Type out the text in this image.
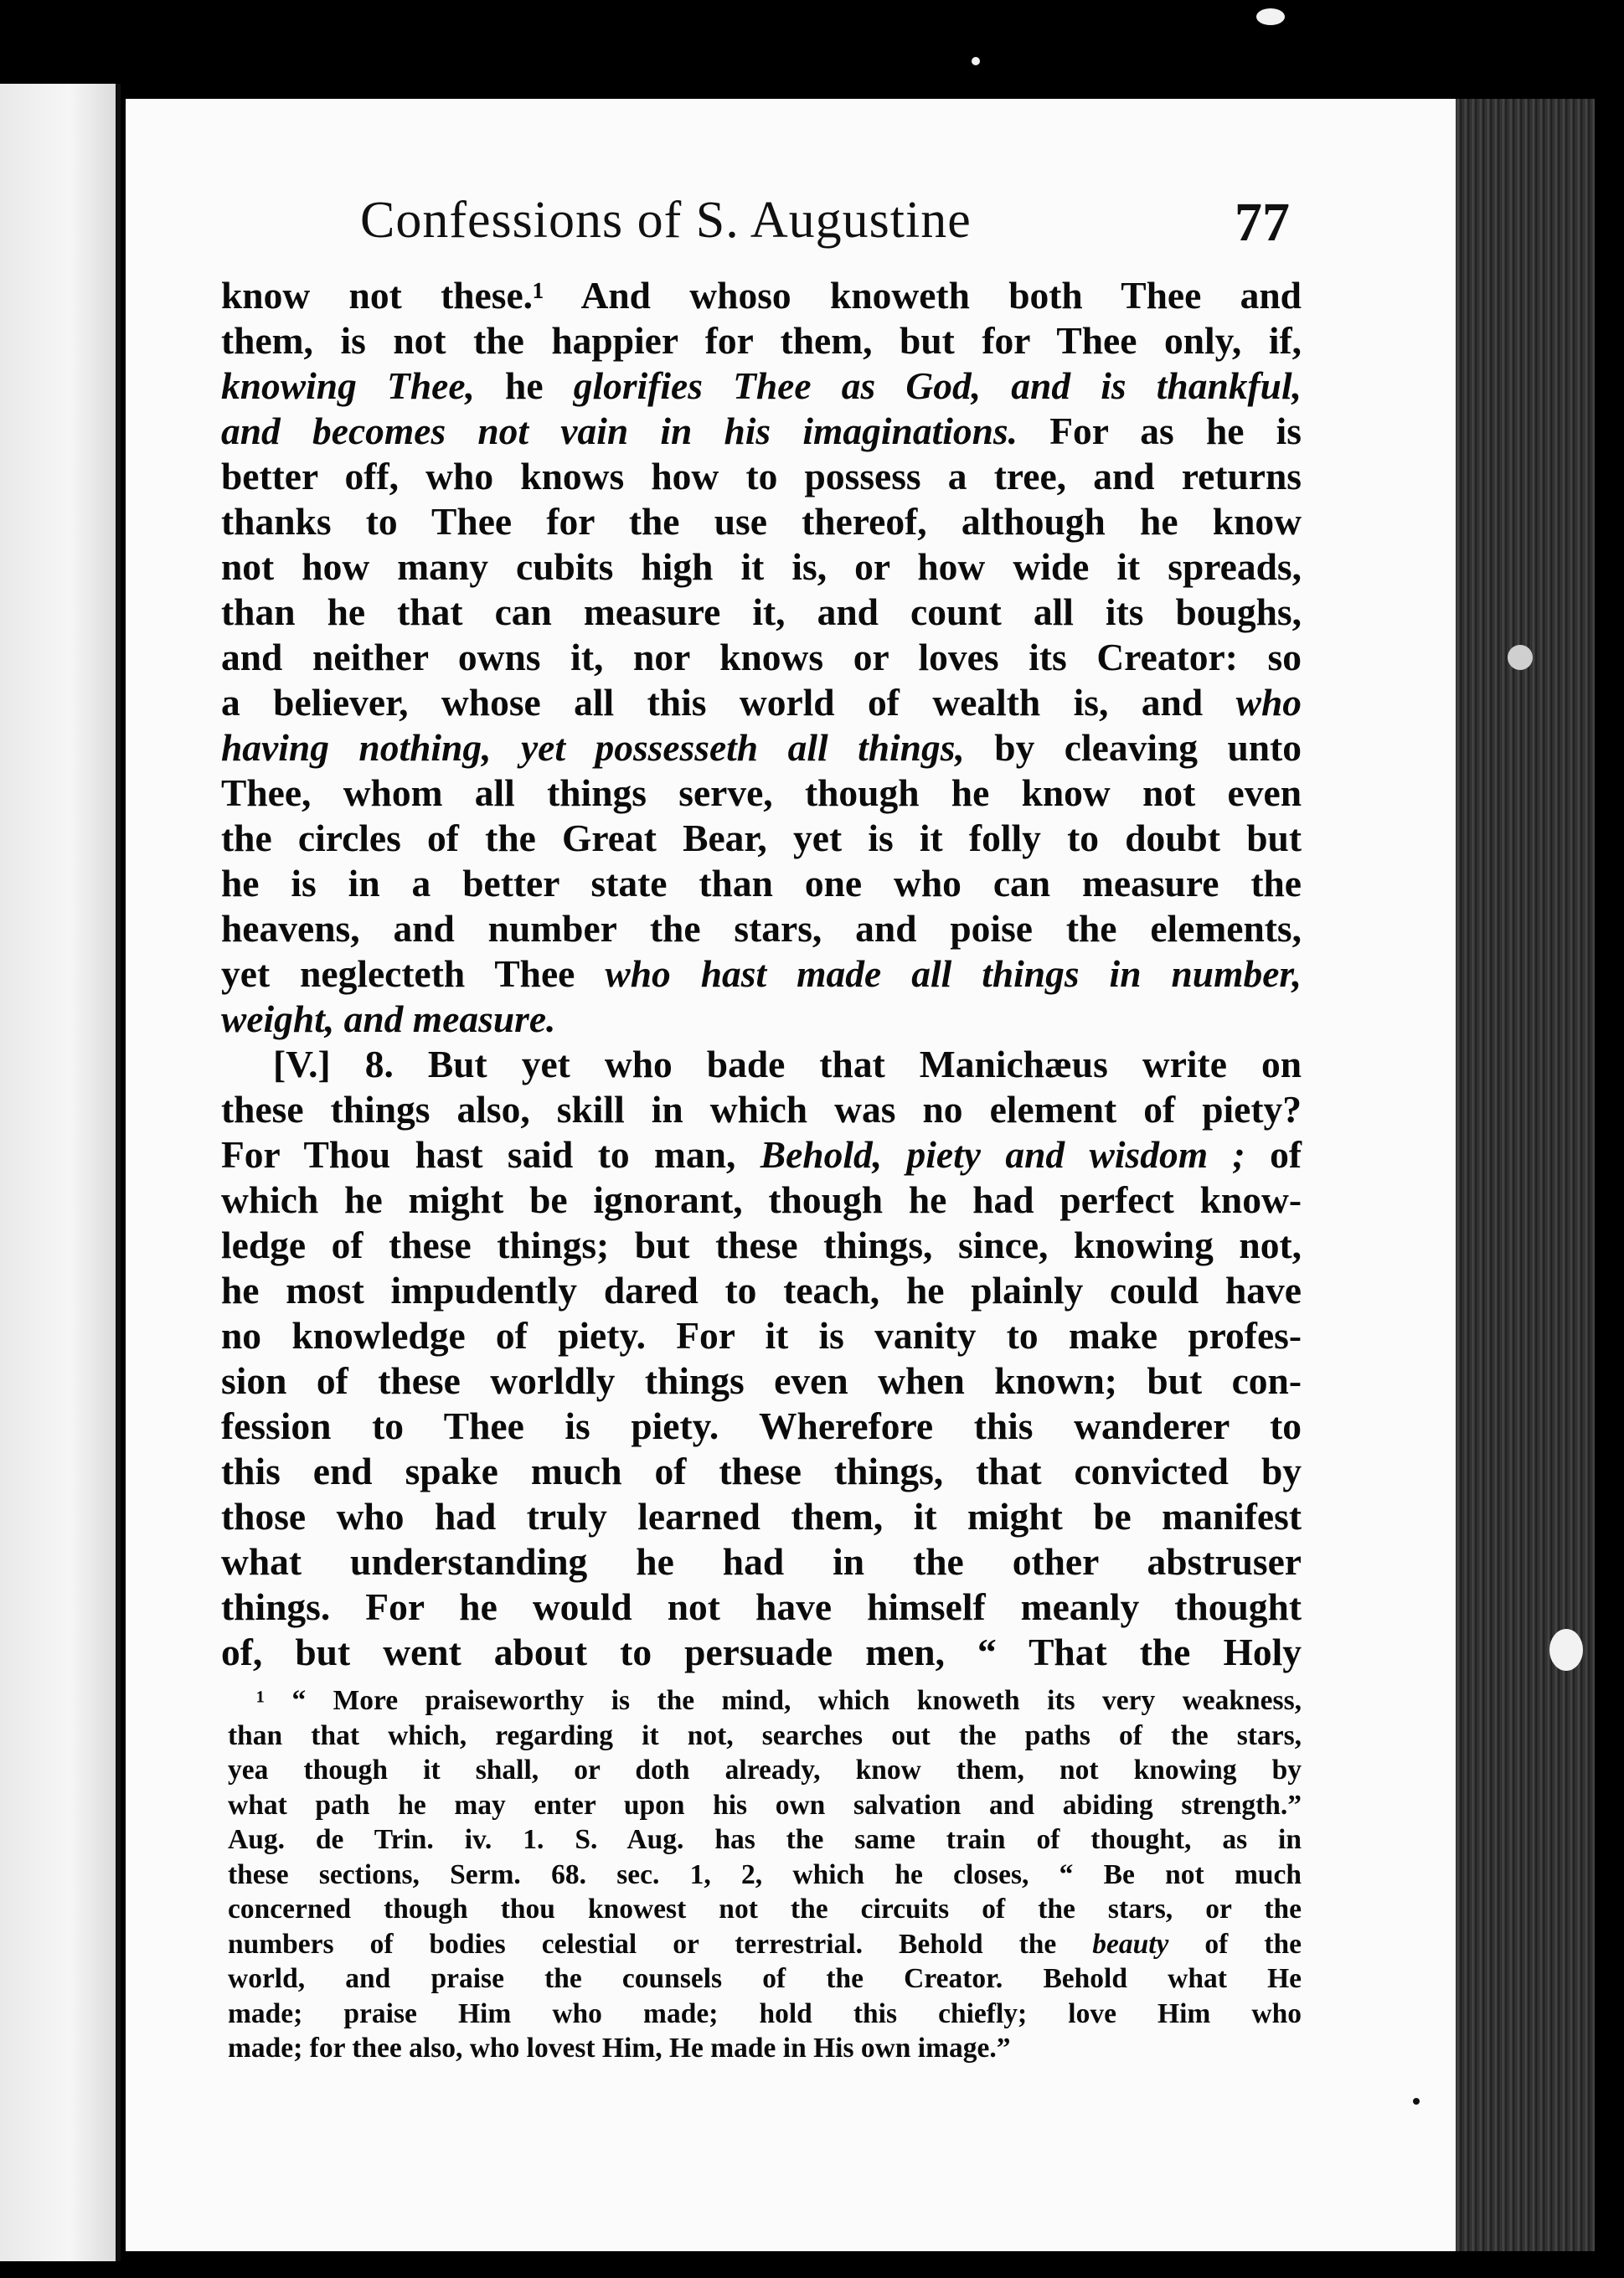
Confessions of S. Augustine	77
know not these.¹ And whoso knoweth both Thee and
them, is not the happier for them, but for Thee only, if,
knowing Thee, he glorifies Thee as God, and is thankful,
and becomes not vain in his imaginations. For as he is
better off, who knows how to possess a tree, and returns
thanks to Thee for the use thereof, although he know
not how many cubits high it is, or how wide it spreads,
than he that can measure it, and count all its boughs,
and neither owns it, nor knows or loves its Creator: so
a believer, whose all this world of wealth is, and who
having nothing, yet possesseth all things, by cleaving unto
Thee, whom all things serve, though he know not even
the circles of the Great Bear, yet is it folly to doubt but
he is in a better state than one who can measure the
heavens, and number the stars, and poise the elements,
yet neglecteth Thee who hast made all things in number,
weight, and measure.
[V.] 8. But yet who bade that Manichæus write on
these things also, skill in which was no element of piety?
For Thou hast said to man, Behold, piety and wisdom ; of
which he might be ignorant, though he had perfect know-
ledge of these things; but these things, since, knowing not,
he most impudently dared to teach, he plainly could have
no knowledge of piety. For it is vanity to make profes-
sion of these worldly things even when known; but con-
fession to Thee is piety. Wherefore this wanderer to
this end spake much of these things, that convicted by
those who had truly learned them, it might be manifest
what understanding he had in the other abstruser
things. For he would not have himself meanly thought
of, but went about to persuade men, “ That the Holy
¹ “ More praiseworthy is the mind, which knoweth its very weakness,
than that which, regarding it not, searches out the paths of the stars,
yea though it shall, or doth already, know them, not knowing by
what path he may enter upon his own salvation and abiding strength.”
Aug. de Trin. iv. 1. S. Aug. has the same train of thought, as in
these sections, Serm. 68. sec. 1, 2, which he closes, “ Be not much
concerned though thou knowest not the circuits of the stars, or the
numbers of bodies celestial or terrestrial. Behold the beauty of the
world, and praise the counsels of the Creator. Behold what He
made; praise Him who made; hold this chiefly; love Him who
made; for thee also, who lovest Him, He made in His own image.”
